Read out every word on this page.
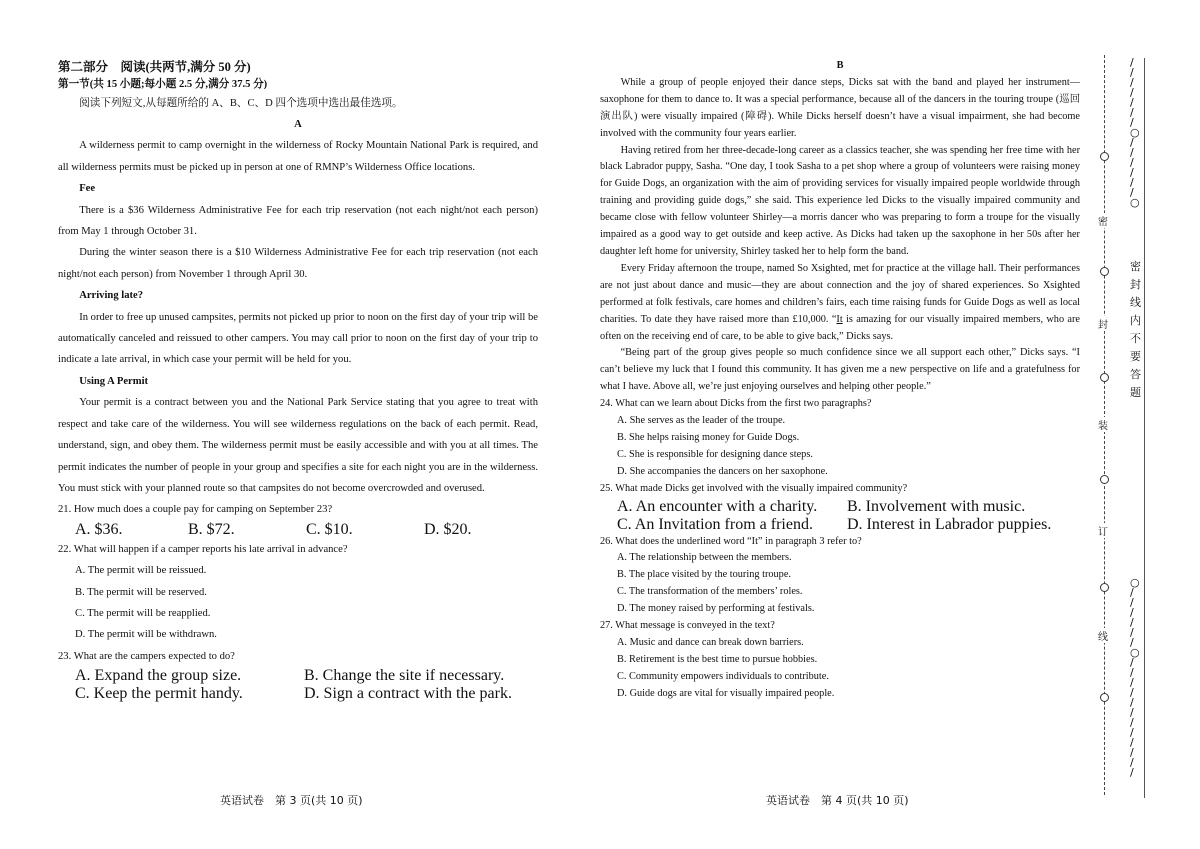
第二部分　阅读(共两节,满分 50 分)
第一节(共 15 小题;每小题 2.5 分,满分 37.5 分)
阅读下列短文,从每题所给的 A、B、C、D 四个选项中选出最佳选项。
A

A wilderness permit to camp overnight in the wilderness of Rocky Mountain National Park is required, and all wilderness permits must be picked up in person at one of RMNP’s Wilderness Office locations.

Fee

There is a $36 Wilderness Administrative Fee for each trip reservation (not each night/not each person) from May 1 through October 31.

During the winter season there is a $10 Wilderness Administrative Fee for each trip reservation (not each night/not each person) from November 1 through April 30.

Arriving late?

In order to free up unused campsites, permits not picked up prior to noon on the first day of your trip will be automatically canceled and reissued to other campers. You may call prior to noon on the first day of your trip to indicate a late arrival, in which case your permit will be held for you.

Using A Permit

Your permit is a contract between you and the National Park Service stating that you agree to treat with respect and take care of the wilderness. You will see wilderness regulations on the back of each permit. Read, understand, sign, and obey them. The wilderness permit must be easily accessible and with you at all times. The permit indicates the number of people in your group and specifies a site for each night you are in the wilderness. You must stick with your planned route so that campsites do not become overcrowded and overused.

21. How much does a couple pay for camping on September 23?
A. $36.	B. $72.	C. $10.	D. $20.
22. What will happen if a camper reports his late arrival in advance?
A. The permit will be reissued.
B. The permit will be reserved.
C. The permit will be reapplied.
D. The permit will be withdrawn.
23. What are the campers expected to do?
A. Expand the group size.	B. Change the site if necessary.
C. Keep the permit handy.	D. Sign a contract with the park.
B

While a group of people enjoyed their dance steps, Dicks sat with the band and played her instrument—saxophone for them to dance to. It was a special performance, because all of the dancers in the touring troupe (巡回演出队) were visually impaired (障碍). While Dicks herself doesn’t have a visual impairment, she had become involved with the community four years earlier.

Having retired from her three-decade-long career as a classics teacher, she was spending her free time with her black Labrador puppy, Sasha. “One day, I took Sasha to a pet shop where a group of volunteers were raising money for Guide Dogs, an organization with the aim of providing services for visually impaired people worldwide through training and providing guide dogs,” she said. This experience led Dicks to the visually impaired community and became close with fellow volunteer Shirley—a morris dancer who was preparing to form a troupe for the visually impaired as a good way to get outside and keep active. As Dicks had taken up the saxophone in her 50s after her daughter left home for university, Shirley tasked her to help form the band.

Every Friday afternoon the troupe, named So Xsighted, met for practice at the village hall. Their performances are not just about dance and music—they are about connection and the joy of shared experiences. So Xsighted performed at folk festivals, care homes and children’s fairs, each time raising funds for Guide Dogs as well as local charities. To date they have raised more than £10,000. “It is amazing for our visually impaired members, who are often on the receiving end of care, to be able to give back,” Dicks says.

“Being part of the group gives people so much confidence since we all support each other,” Dicks says. “I can’t believe my luck that I found this community. It has given me a new perspective on life and a gratefulness for what I have. Above all, we’re just enjoying ourselves and helping other people.”

24. What can we learn about Dicks from the first two paragraphs?
A. She serves as the leader of the troupe.
B. She helps raising money for Guide Dogs.
C. She is responsible for designing dance steps.
D. She accompanies the dancers on her saxophone.
25. What made Dicks get involved with the visually impaired community?
A. An encounter with a charity.	B. Involvement with music.
C. An Invitation from a friend.	D. Interest in Labrador puppies.
26. What does the underlined word “It” in paragraph 3 refer to?
A. The relationship between the members.
B. The place visited by the touring troupe.
C. The transformation of the members’ roles.
D. The money raised by performing at festivals.
27. What message is conveyed in the text?
A. Music and dance can break down barriers.
B. Retirement is the best time to pursue hobbies.
C. Community empowers individuals to contribute.
D. Guide dogs are vital for visually impaired people.
英语试卷　第 3 页(共 10 页)	英语试卷　第 4 页(共 10 页)
密
封
装
订
线
/
/
/
/
/
/
/
○
/
/
/
/
/
/
○
密
封
线
内
不
要
答
题
○
/
/
/
/
/
/
○
/
/
/
/
/
/
/
/
/
/
/
/
